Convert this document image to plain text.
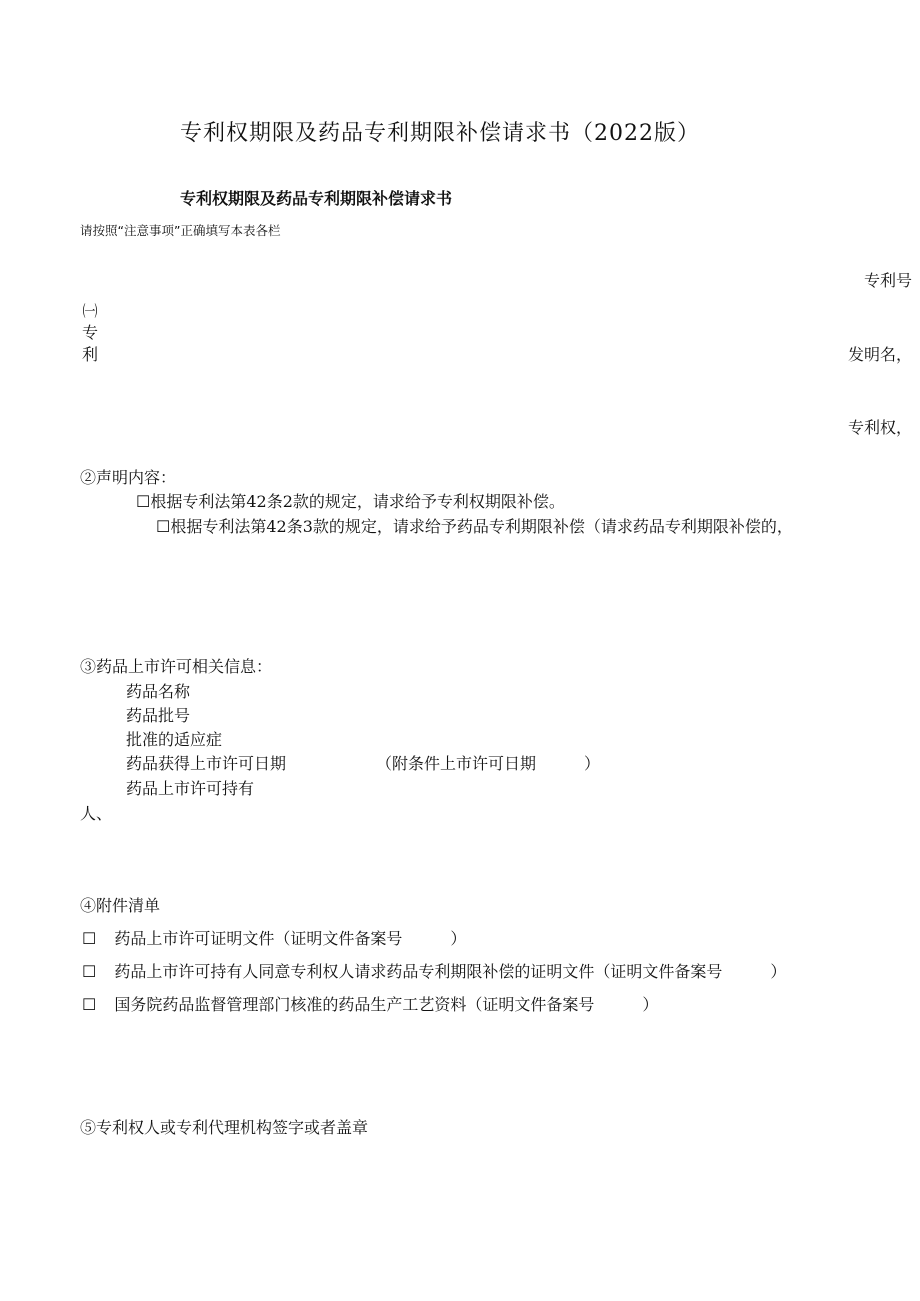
专利权期限及药品专利期限补偿请求书（2022版）
专利权期限及药品专利期限补偿请求书
请按照“注意事项”正确填写本表各栏
㈠
专
利
专利号
发明名，
专利权，
②声明内容：
☐根据专利法第42条2款的规定，请求给予专利权期限补偿。
☐根据专利法第42条3款的规定，请求给予药品专利期限补偿（请求药品专利期限补偿的，
③药品上市许可相关信息：
药品名称
药品批号
批准的适应症
药品获得上市许可日期	（附条件上市许可日期　　　）
药品上市许可持有
人、
④附件清单
☐ 药品上市许可证明文件（证明文件备案号　　　）
☐ 药品上市许可持有人同意专利权人请求药品专利期限补偿的证明文件（证明文件备案号　　　）
☐ 国务院药品监督管理部门核准的药品生产工艺资料（证明文件备案号　　　）
⑤专利权人或专利代理机构签字或者盖章
